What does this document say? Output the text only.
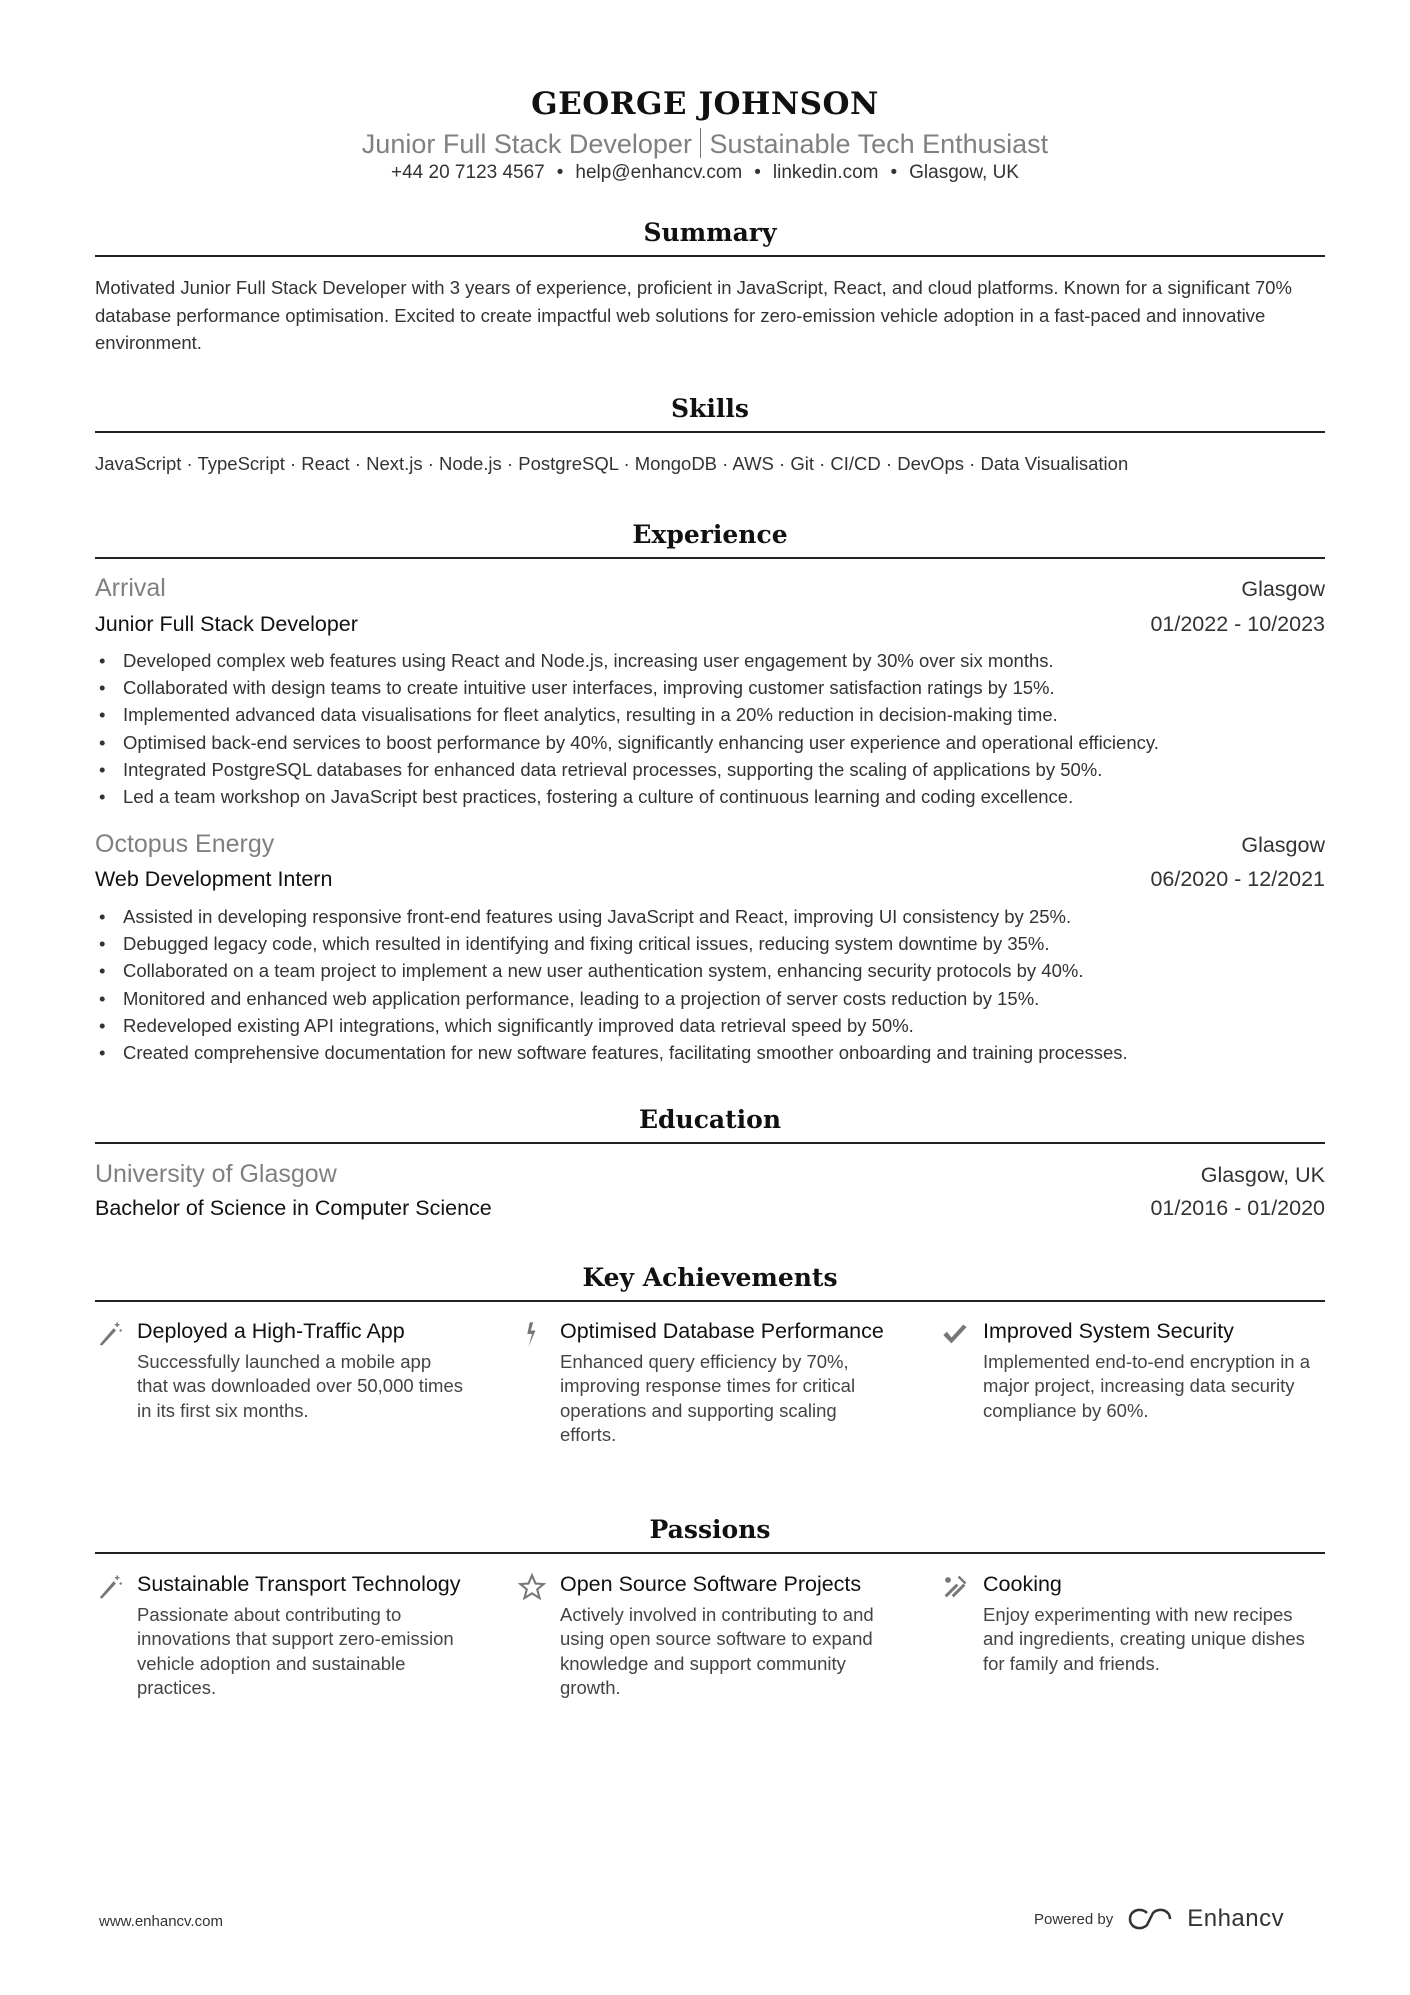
GEORGE JOHNSON
Junior Full Stack Developer Sustainable Tech Enthusiast
+44 20 7123 4567 • help@enhancv.com • linkedin.com • Glasgow, UK
Summary
Motivated Junior Full Stack Developer with 3 years of experience, proficient in JavaScript, React, and cloud platforms. Known for a significant 70% database performance optimisation. Excited to create impactful web solutions for zero-emission vehicle adoption in a fast-paced and innovative environment.
Skills
JavaScript · TypeScript · React · Next.js · Node.js · PostgreSQL · MongoDB · AWS · Git · CI/CD · DevOps · Data Visualisation
Experience
Arrival	Glasgow
Junior Full Stack Developer	01/2022 - 10/2023
• Developed complex web features using React and Node.js, increasing user engagement by 30% over six months.
• Collaborated with design teams to create intuitive user interfaces, improving customer satisfaction ratings by 15%.
• Implemented advanced data visualisations for fleet analytics, resulting in a 20% reduction in decision-making time.
• Optimised back-end services to boost performance by 40%, significantly enhancing user experience and operational efficiency.
• Integrated PostgreSQL databases for enhanced data retrieval processes, supporting the scaling of applications by 50%.
• Led a team workshop on JavaScript best practices, fostering a culture of continuous learning and coding excellence.
Octopus Energy	Glasgow
Web Development Intern	06/2020 - 12/2021
• Assisted in developing responsive front-end features using JavaScript and React, improving UI consistency by 25%.
• Debugged legacy code, which resulted in identifying and fixing critical issues, reducing system downtime by 35%.
• Collaborated on a team project to implement a new user authentication system, enhancing security protocols by 40%.
• Monitored and enhanced web application performance, leading to a projection of server costs reduction by 15%.
• Redeveloped existing API integrations, which significantly improved data retrieval speed by 50%.
• Created comprehensive documentation for new software features, facilitating smoother onboarding and training processes.
Education
University of Glasgow	Glasgow, UK
Bachelor of Science in Computer Science	01/2016 - 01/2020
Key Achievements
Deployed a High-Traffic App
Successfully launched a mobile app that was downloaded over 50,000 times in its first six months.
Optimised Database Performance
Enhanced query efficiency by 70%, improving response times for critical operations and supporting scaling efforts.
Improved System Security
Implemented end-to-end encryption in a major project, increasing data security compliance by 60%.
Passions
Sustainable Transport Technology
Passionate about contributing to innovations that support zero-emission vehicle adoption and sustainable practices.
Open Source Software Projects
Actively involved in contributing to and using open source software to expand knowledge and support community growth.
Cooking
Enjoy experimenting with new recipes and ingredients, creating unique dishes for family and friends.
www.enhancv.com	Powered by	Enhancv
